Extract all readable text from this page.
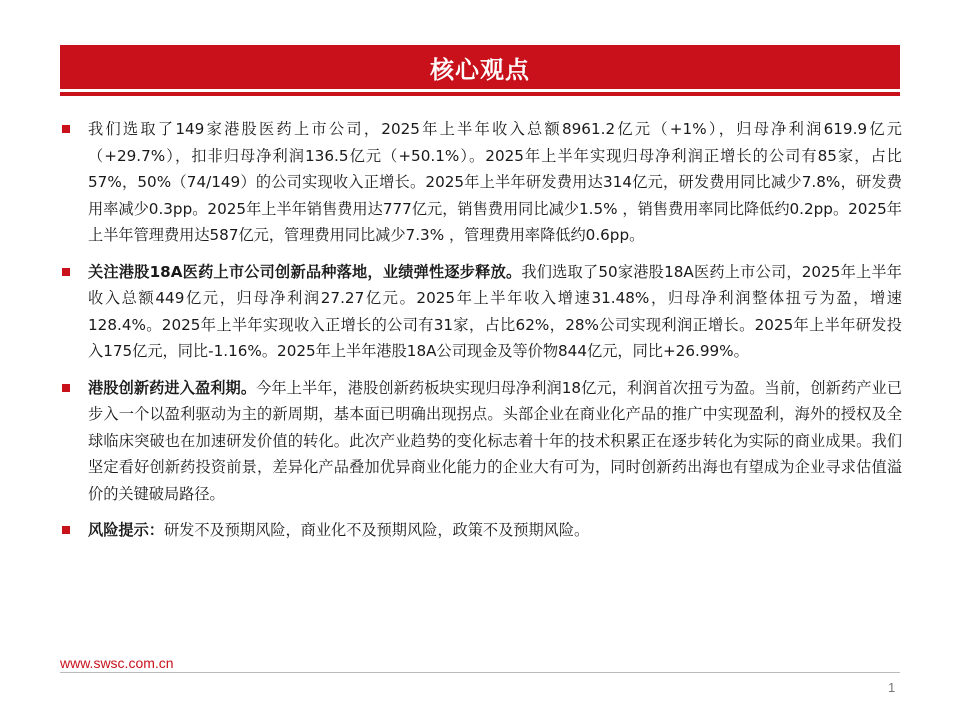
核心观点
我们选取了149家港股医药上市公司，2025年上半年收入总额8961.2亿元（+1%），归母净利润619.9亿元（+29.7%），扣非归母净利润136.5亿元（+50.1%）。2025年上半年实现归母净利润正增长的公司有85家，占比57%，50%（74/149）的公司实现收入正增长。2025年上半年研发费用达314亿元，研发费用同比减少7.8%，研发费用率减少0.3pp。2025年上半年销售费用达777亿元，销售费用同比减少1.5% ，销售费用率同比降低约0.2pp。2025年上半年管理费用达587亿元，管理费用同比减少7.3% ，管理费用率降低约0.6pp。
关注港股18A医药上市公司创新品种落地，业绩弹性逐步释放。我们选取了50家港股18A医药上市公司，2025年上半年收入总额449亿元，归母净利润27.27亿元。2025年上半年收入增速31.48%，归母净利润整体扭亏为盈，增速128.4%。2025年上半年实现收入正增长的公司有31家，占比62%，28%公司实现利润正增长。2025年上半年研发投入175亿元，同比-1.16%。2025年上半年港股18A公司现金及等价物844亿元，同比+26.99%。
港股创新药进入盈利期。今年上半年，港股创新药板块实现归母净利润18亿元，利润首次扭亏为盈。当前，创新药产业已步入一个以盈利驱动为主的新周期，基本面已明确出现拐点。头部企业在商业化产品的推广中实现盈利，海外的授权及全球临床突破也在加速研发价值的转化。此次产业趋势的变化标志着十年的技术积累正在逐步转化为实际的商业成果。我们坚定看好创新药投资前景，差异化产品叠加优异商业化能力的企业大有可为，同时创新药出海也有望成为企业寻求估值溢价的关键破局路径。
风险提示：研发不及预期风险，商业化不及预期风险，政策不及预期风险。
www.swsc.com.cn
1
